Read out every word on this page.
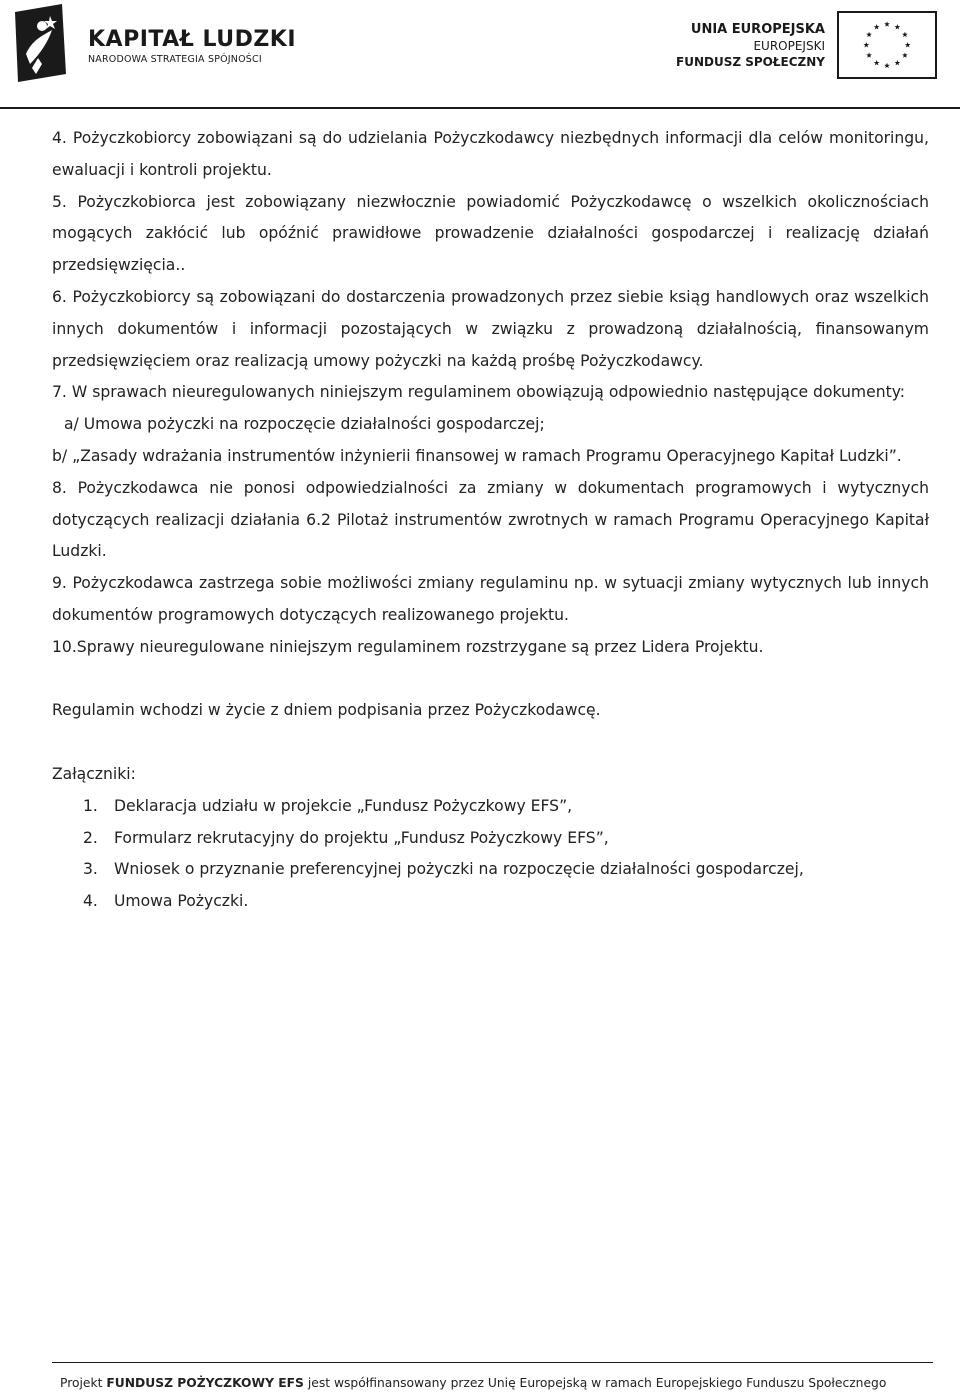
KAPITAŁ LUDZKI
NARODOWA STRATEGIA SPÓJNOŚCI
UNIA EUROPEJSKA
EUROPEJSKI
FUNDUSZ SPOŁECZNY

4. Pożyczkobiorcy zobowiązani są do udzielania Pożyczkodawcy niezbędnych informacji dla celów monitoringu, ewaluacji i kontroli projektu.

5. Pożyczkobiorca jest zobowiązany niezwłocznie powiadomić Pożyczkodawcę o wszelkich okolicznościach mogących zakłócić lub opóźnić prawidłowe prowadzenie działalności gospodarczej i realizację działań przedsięwzięcia..

6. Pożyczkobiorcy są zobowiązani do dostarczenia prowadzonych przez siebie ksiąg handlowych oraz wszelkich innych dokumentów i informacji pozostających w związku z prowadzoną działalnością, finansowanym przedsięwzięciem oraz realizacją umowy pożyczki na każdą prośbę Pożyczkodawcy.

7. W sprawach nieuregulowanych niniejszym regulaminem obowiązują odpowiednio następujące dokumenty:

a/ Umowa pożyczki na rozpoczęcie działalności gospodarczej;

b/ „Zasady wdrażania instrumentów inżynierii finansowej w ramach Programu Operacyjnego Kapitał Ludzki”.

8. Pożyczkodawca nie ponosi odpowiedzialności za zmiany w dokumentach programowych i wytycznych dotyczących realizacji działania 6.2 Pilotaż instrumentów zwrotnych w ramach Programu Operacyjnego Kapitał Ludzki.

9. Pożyczkodawca zastrzega sobie możliwości zmiany regulaminu np. w sytuacji zmiany wytycznych lub innych dokumentów programowych dotyczących realizowanego projektu.

10.Sprawy nieuregulowane niniejszym regulaminem rozstrzygane są przez Lidera Projektu.

Regulamin wchodzi w życie z dniem podpisania przez Pożyczkodawcę.

Załączniki:

1. Deklaracja udziału w projekcie „Fundusz Pożyczkowy EFS”,
2. Formularz rekrutacyjny do projektu „Fundusz Pożyczkowy EFS”,
3. Wniosek o przyznanie preferencyjnej pożyczki na rozpoczęcie działalności gospodarczej,
4. Umowa Pożyczki.
Projekt FUNDUSZ POŻYCZKOWY EFS jest współfinansowany przez Unię Europejską w ramach Europejskiego Funduszu Społecznego
